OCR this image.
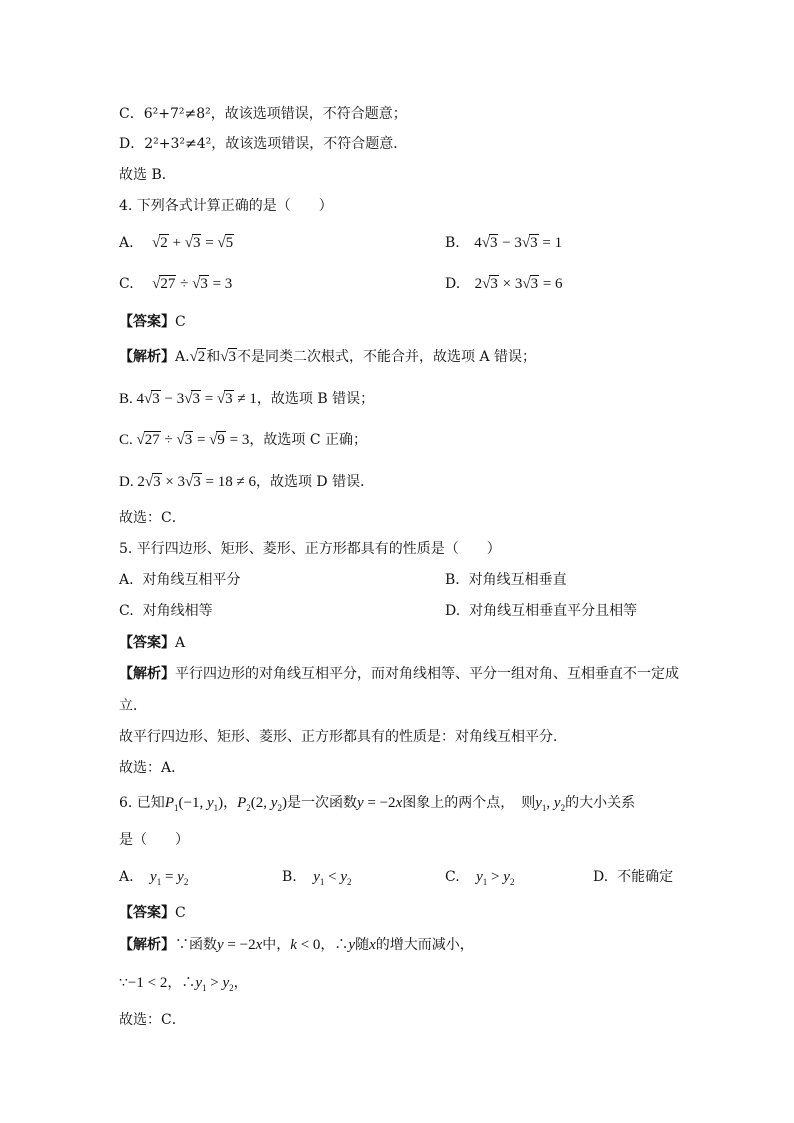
C．6²+7²≠8²，故该选项错误，不符合题意；
D．2²+3²≠4²，故该选项错误，不符合题意．
故选 B．
4. 下列各式计算正确的是（　　）
A. √2 + √3 = √5	B. 4√3 − 3√3 = 1
C. √27 ÷ √3 = 3	D. 2√3 × 3√3 = 6
【答案】C
【解析】A.√2和√3不是同类二次根式，不能合并，故选项 A 错误；
B. 4√3 − 3√3 = √3 ≠ 1，故选项 B 错误；
C. √27 ÷ √3 = √9 = 3，故选项 C 正确；
D. 2√3 × 3√3 = 18 ≠ 6，故选项 D 错误．
故选：C．
5. 平行四边形、矩形、菱形、正方形都具有的性质是（　　）
A. 对角线互相平分	B. 对角线互相垂直
C. 对角线相等	D. 对角线互相垂直平分且相等
【答案】A
【解析】平行四边形的对角线互相平分，而对角线相等、平分一组对角、互相垂直不一定成
立．
故平行四边形、矩形、菱形、正方形都具有的性质是：对角线互相平分．
故选：A．
6. 已知$P_1(-1$, $y_1$)，$P_2(2$, $y_2$)是一次函数y = −2x图象上的两个点，　则$y_1$, $y_2$的大小关系
是（　　）
A. $y_1 = y_2$	B. $y_1 < y_2$	C. $y_1 > y_2$	D. 不能确定
【答案】C
【解析】∵函数y = −2x中，k < 0，∴y随x的增大而减小，
∵−1 < 2，$\therefore y_1 > y_2$，
故选：C．
